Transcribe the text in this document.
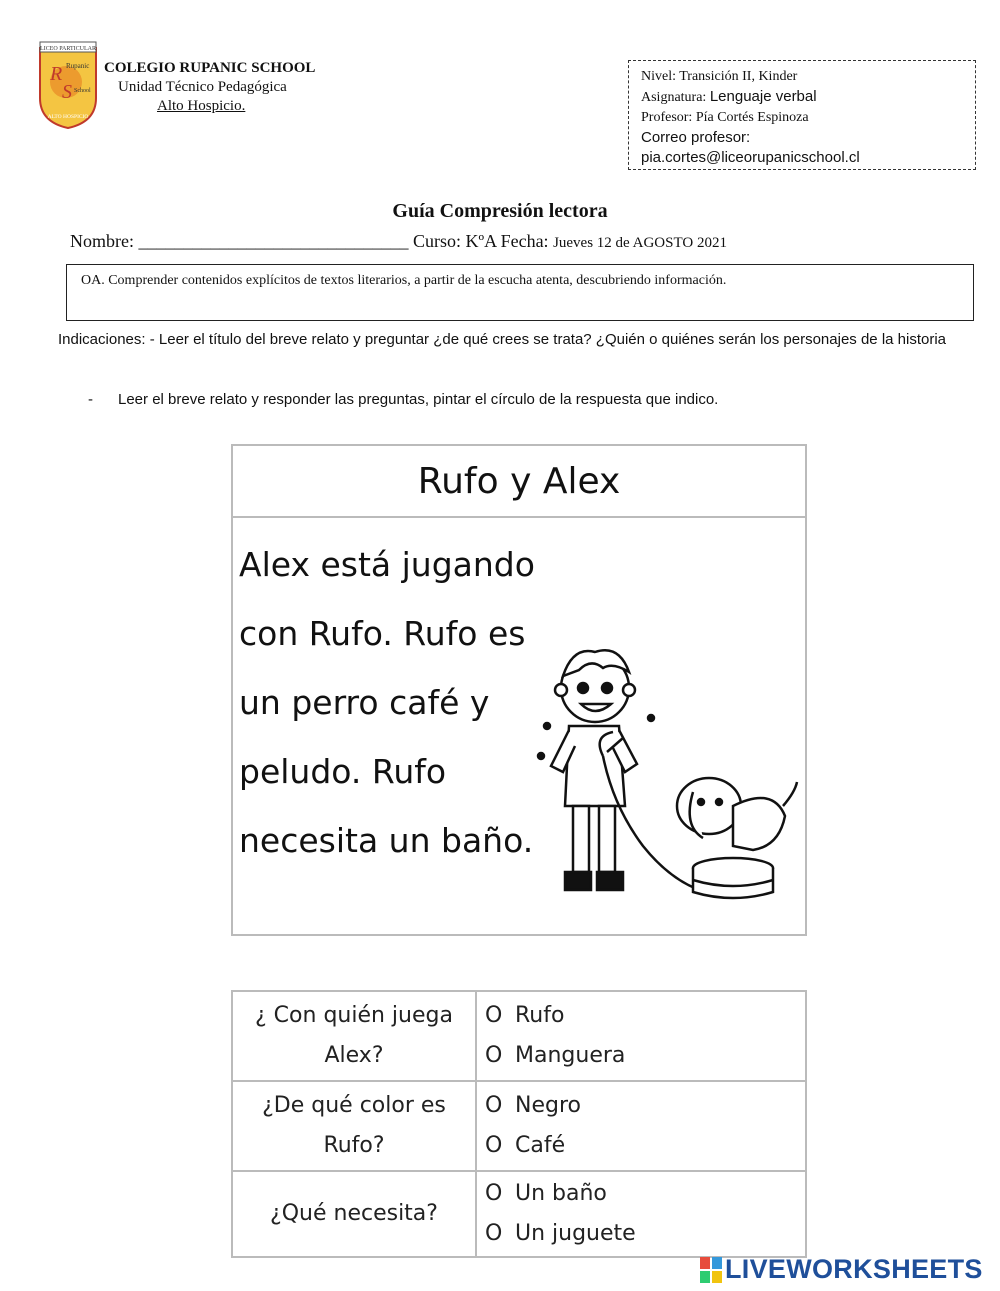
LICEO PARTICULAR
R
S
Rupanic
School
ALTO HOSPICIO
COLEGIO RUPANIC SCHOOL
Unidad Técnico Pedagógica
Alto Hospicio.
Nivel: Transición II, Kinder
Asignatura: Lenguaje verbal
Profesor: Pía Cortés Espinoza
Correo profesor:
pia.cortes@liceorupanicschool.cl
Guía Compresión lectora
Nombre: ______________________________ Curso: KºA Fecha: Jueves 12 de AGOSTO 2021
OA. Comprender contenidos explícitos de textos literarios, a partir de la escucha atenta, descubriendo información.
Indicaciones: - Leer el título del breve relato y preguntar ¿de qué crees se trata? ¿Quién o quiénes serán los personajes de la historia
- Leer el breve relato y responder las preguntas, pintar el círculo de la respuesta que indico.
Rufo y Alex
Alex está jugando
con Rufo. Rufo es
un perro café y
peludo. Rufo
necesita un baño.
¿ Con quién juega Alex?	O Rufo
O Manguera

¿De qué color es Rufo?	O Negro
O Café

¿Qué necesita?	O Un baño
O Un juguete
LIVEWORKSHEETS
